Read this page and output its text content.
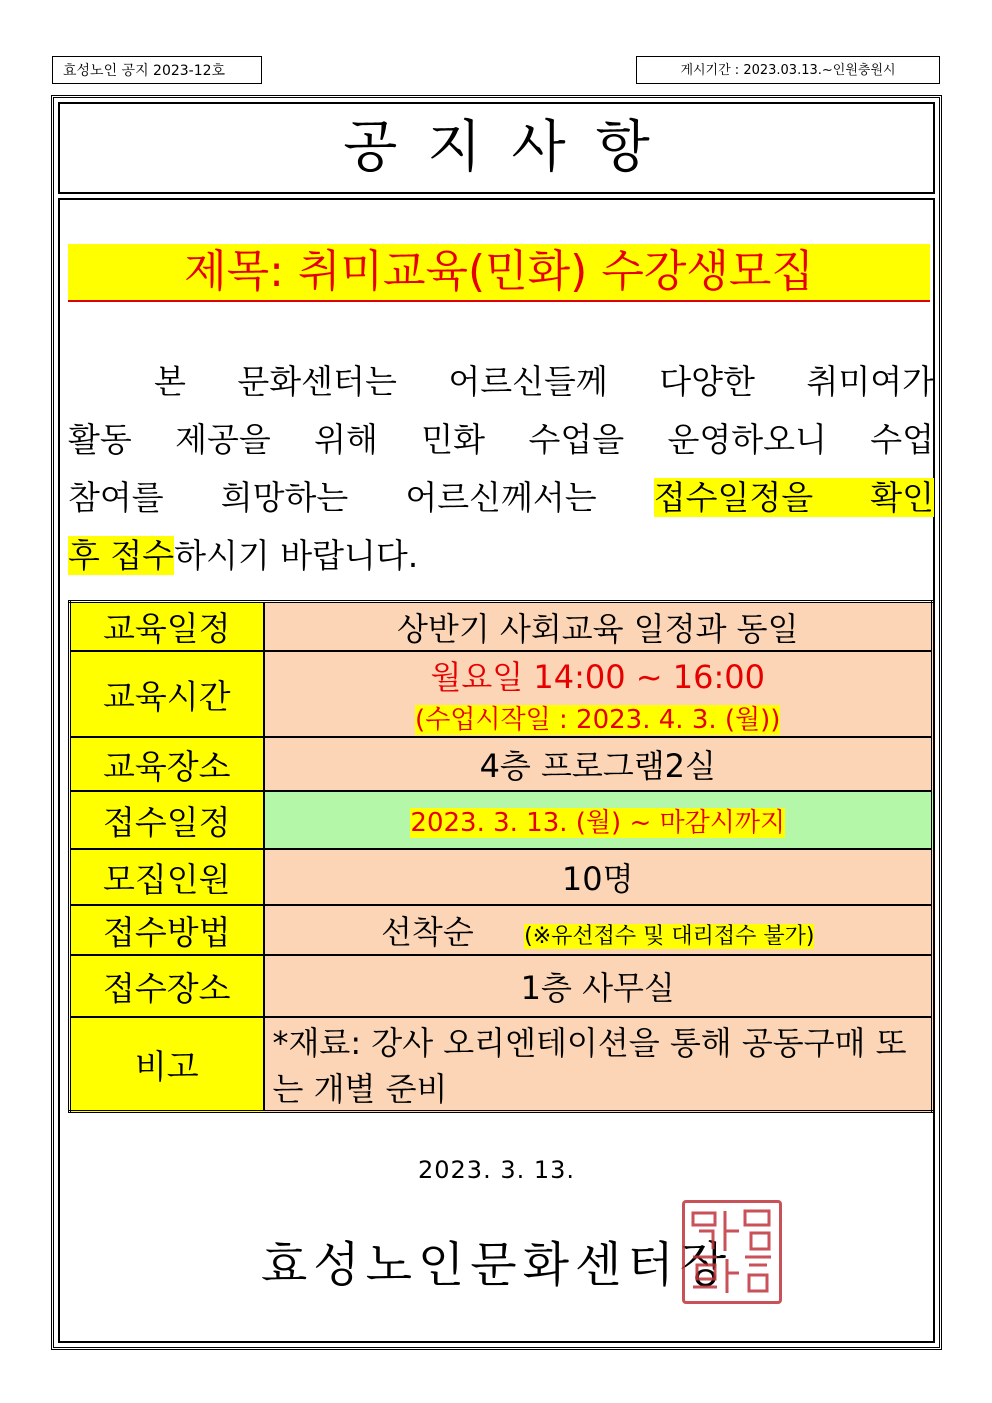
효성노인 공지 2023-12호	게시기간 : 2023.03.13.~인원충원시
공지사항
제목: 취미교육(민화) 수강생모집
본 문화센터는 어르신들께 다양한 취미여가
활동 제공을 위해 민화 수업을 운영하오니 수업
참여를 희망하는 어르신께서는 접수일정을 확인
후 접수하시기 바랍니다.
교육일정	상반기 사회교육 일정과 동일
교육시간	월요일 14:00 ~ 16:00
(수업시작일 : 2023. 4. 3. (월))

교육장소	4층 프로그램2실
접수일정	2023. 3. 13. (월) ~ 마감시까지
모집인원	10명
접수방법	선착순 (※유선접수 및 대리접수 불가)
접수장소	1층 사무실
비고	*재료: 강사 오리엔테이션을 통해 공동구매 또는 개별 준비
2023. 3. 13.
효성노인문화센터장
